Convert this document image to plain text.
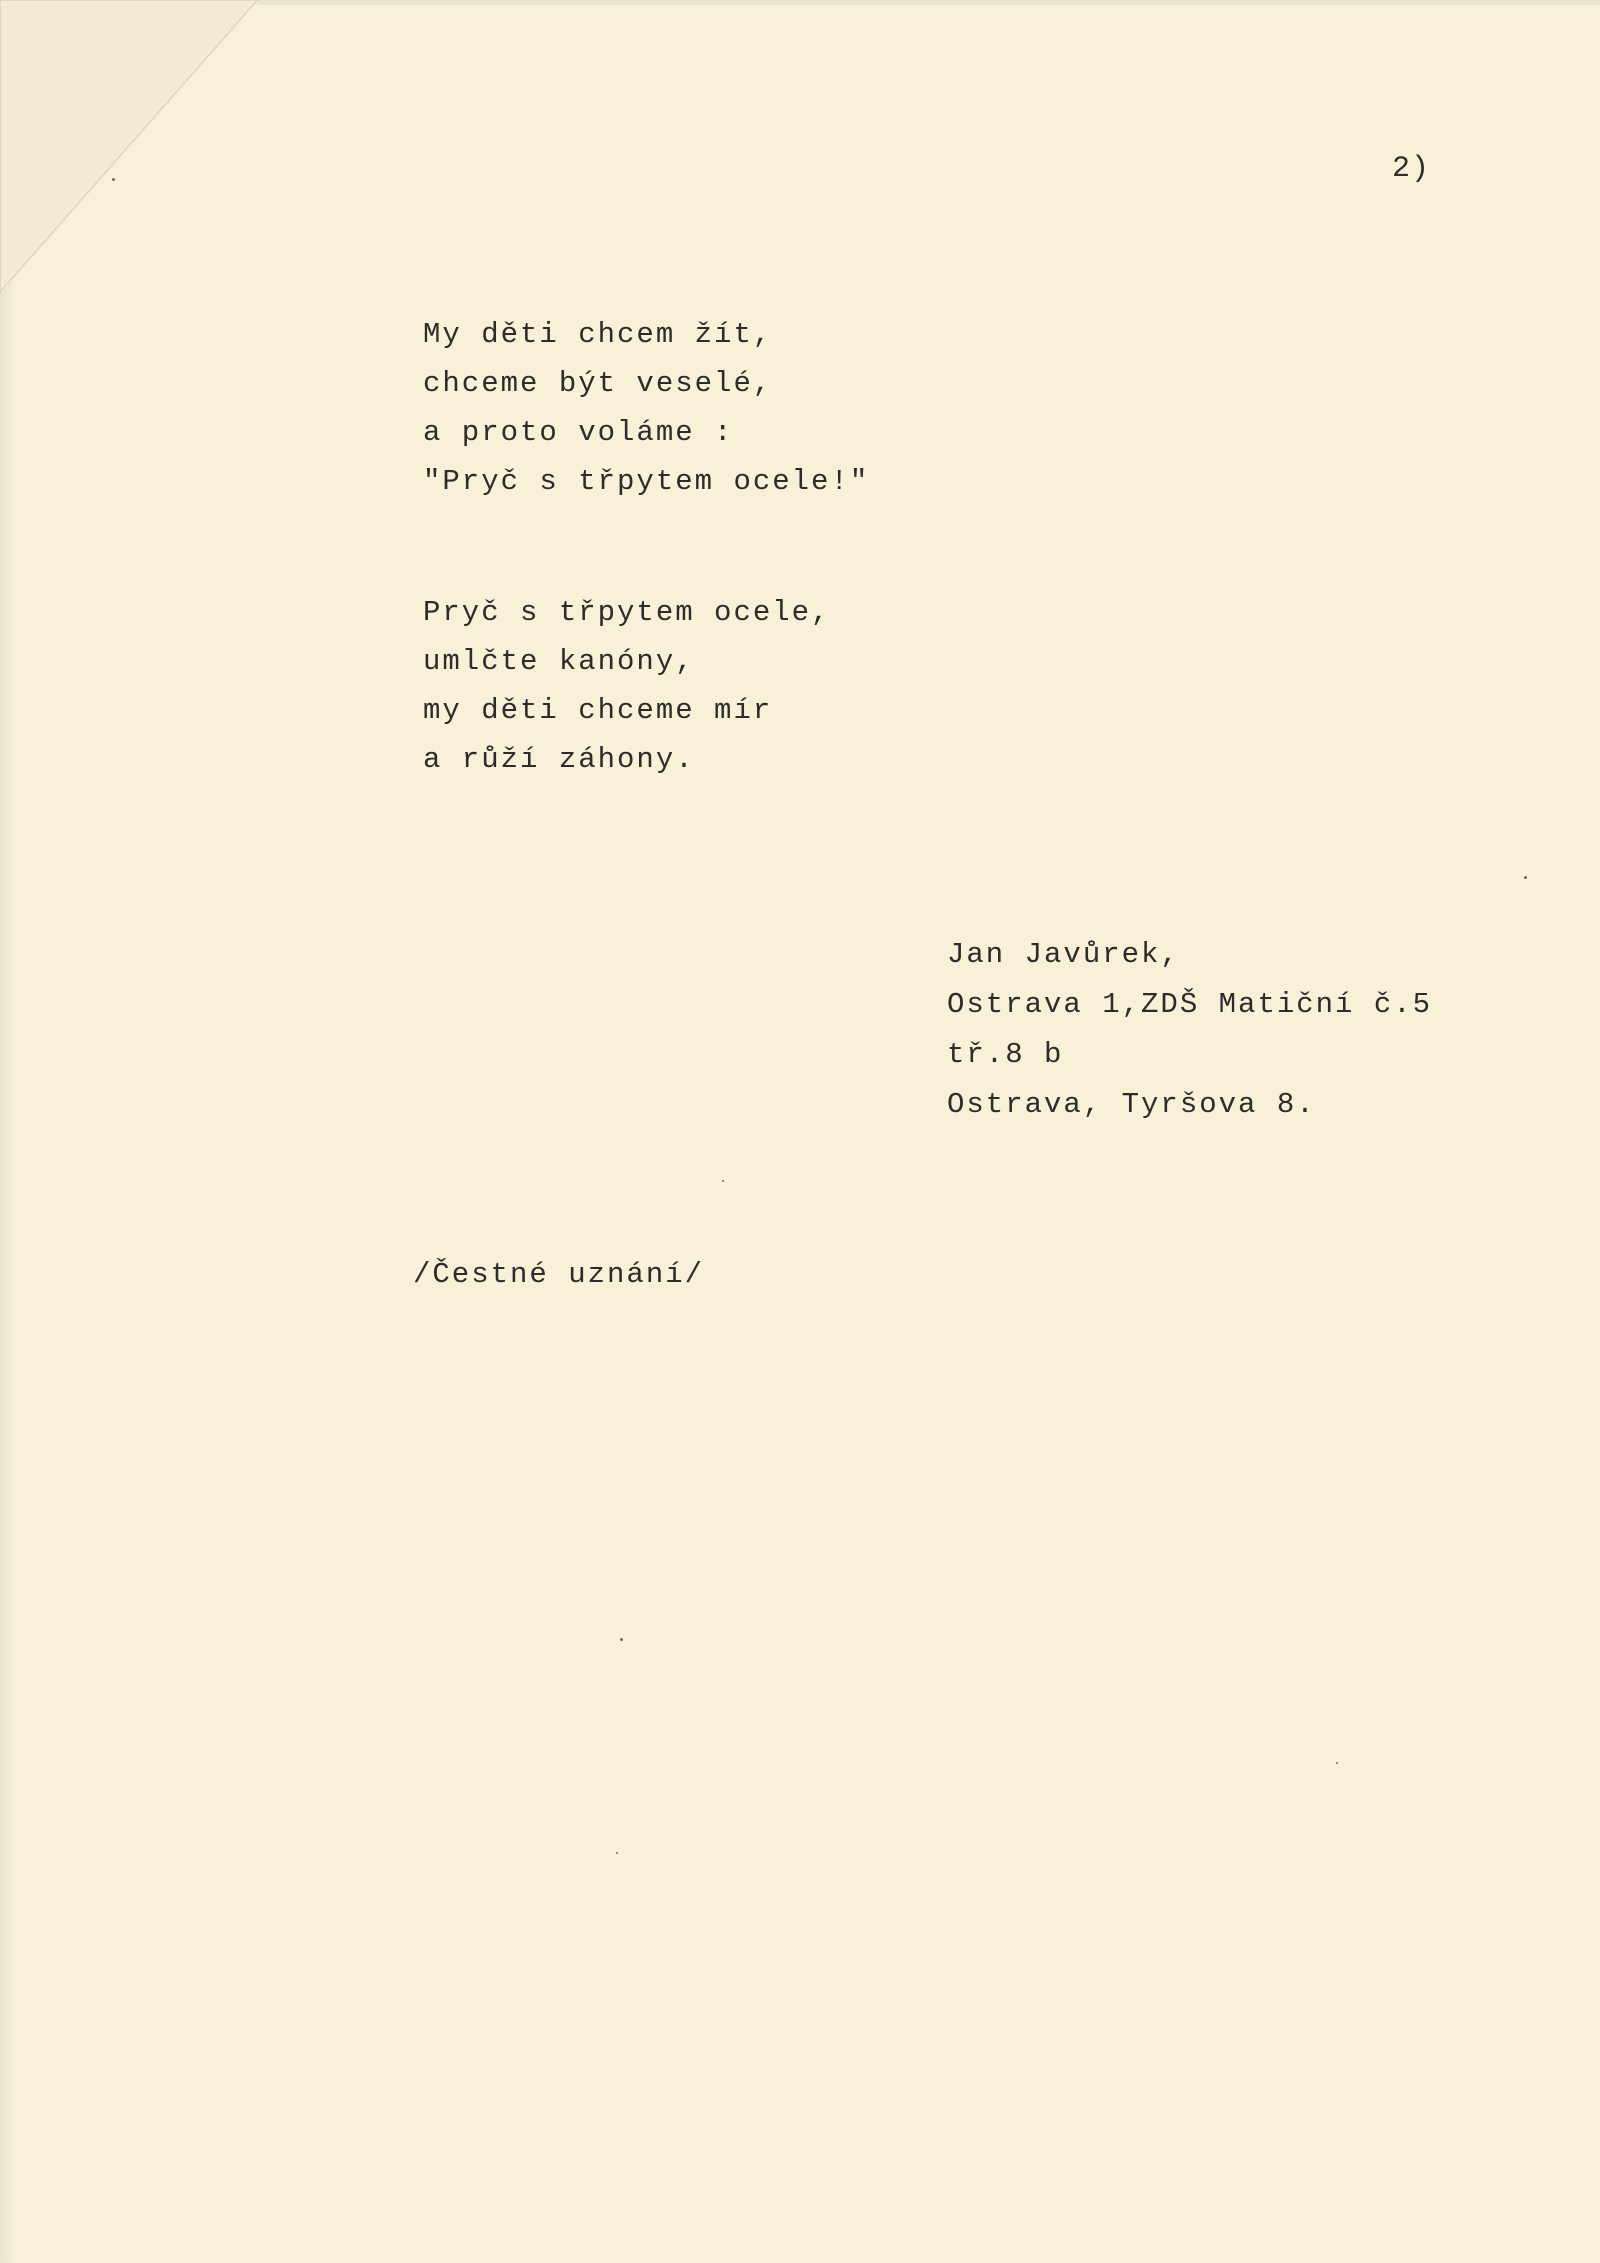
2)
My děti chcem žít,
chceme být veselé,
a proto voláme :
"Pryč s třpytem ocele!"
Pryč s třpytem ocele,
umlčte kanóny,
my děti chceme mír
a růží záhony.
Jan Javůrek,
Ostrava 1,ZDŠ Matiční č.5
tř.8 b
Ostrava, Tyršova 8.
/Čestné uznání/
